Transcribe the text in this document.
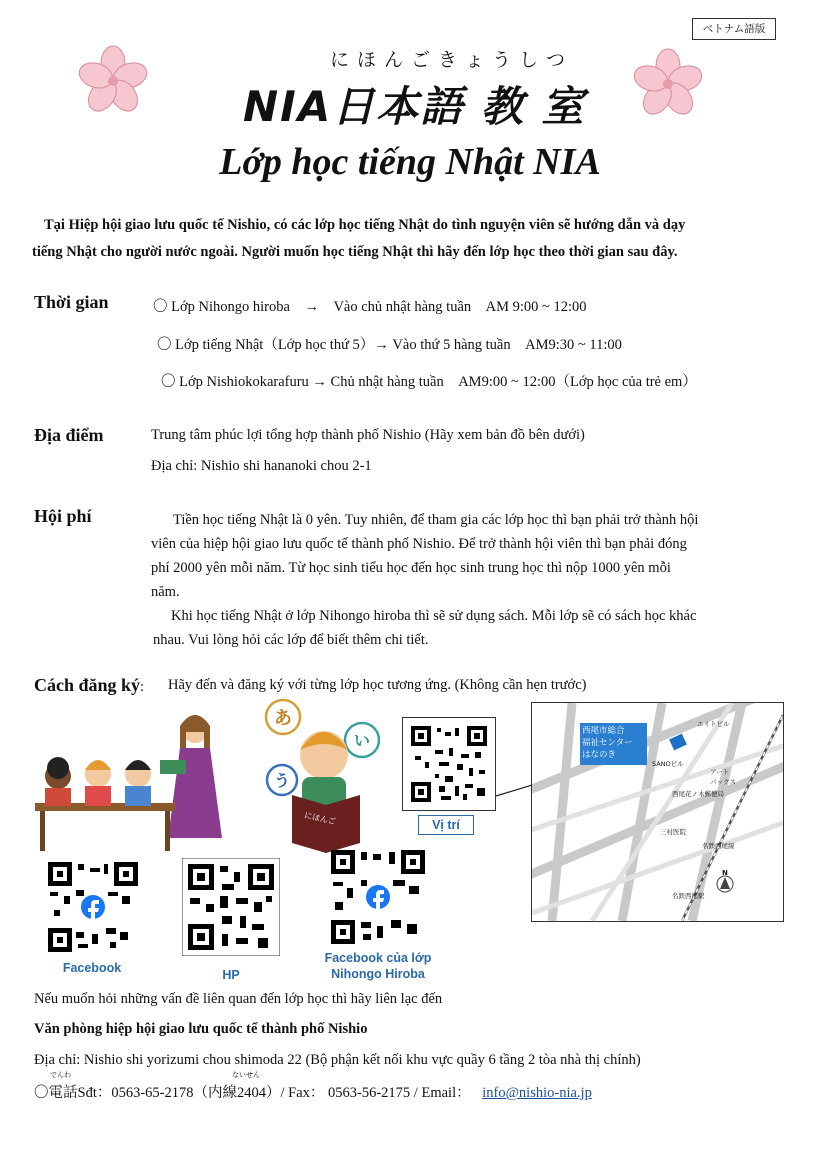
ベトナム語版
にほんごきょうしつ
NIA日本語 教 室
Lớp học tiếng Nhật NIA
Tại Hiệp hội giao lưu quốc tế Nishio, có các lớp học tiếng Nhật do tình nguyện viên sẽ hướng dẫn và dạy
tiếng Nhật cho người nước ngoài. Người muốn học tiếng Nhật thì hãy đến lớp học theo thời gian sau đây.
Thời gian	〇 Lớp Nihongo hiroba　→　Vào chủ nhật hàng tuần　AM 9:00 ~ 12:00
〇 Lớp tiếng Nhật（Lớp học thứ 5）→ Vào thứ 5 hàng tuần　AM9:30 ~ 11:00
〇 Lớp Nishiokokarafuru → Chủ nhật hàng tuần　AM9:00 ~ 12:00（Lớp học của trẻ em）
Địa điểm	Trung tâm phúc lợi tổng hợp thành phố Nishio (Hãy xem bản đồ bên dưới)
Địa chỉ: Nishio shi hananoki chou 2-1
Hội phí	Tiền học tiếng Nhật là 0 yên. Tuy nhiên, để tham gia các lớp học thì bạn phải trở thành hội
viên của hiệp hội giao lưu quốc tế thành phố Nishio. Để trở thành hội viên thì bạn phải đóng
phí 2000 yên mỗi năm. Từ học sinh tiểu học đến học sinh trung học thì nộp 1000 yên mỗi
năm.
Khi học tiếng Nhật ở lớp Nihongo hiroba thì sẽ sử dụng sách. Mỗi lớp sẽ có sách học khác
nhau. Vui lòng hỏi các lớp để biết thêm chi tiết.
Cách đăng ký: Hãy đến và đăng ký với từng lớp học tương ứng. (Không cần hẹn trước)
あ
い
う
にほんご	Vị trí
西尾市総合
福祉センター
はなのき
エイトビル
SANOビル
アート
パックス
西尾花ノ木郵便局
三村医院
名鉄西尾線
名鉄西尾駅
N
Facebook	HP
Facebook của lớp
Nihongo Hiroba
Nếu muốn hỏi những vấn đề liên quan đến lớp học thì hãy liên lạc đến
Văn phòng hiệp hội giao lưu quốc tế thành phố Nishio
Địa chỉ: Nishio shi yorizumi chou shimoda 22 (Bộ phận kết nối khu vực quầy 6 tầng 2 tòa nhà thị chính)
でんわ	ないせん
〇電話Sđt：0563-65-2178（内線2404）/ Fax： 0563-56-2175 / Email： info@nishio-nia.jp
